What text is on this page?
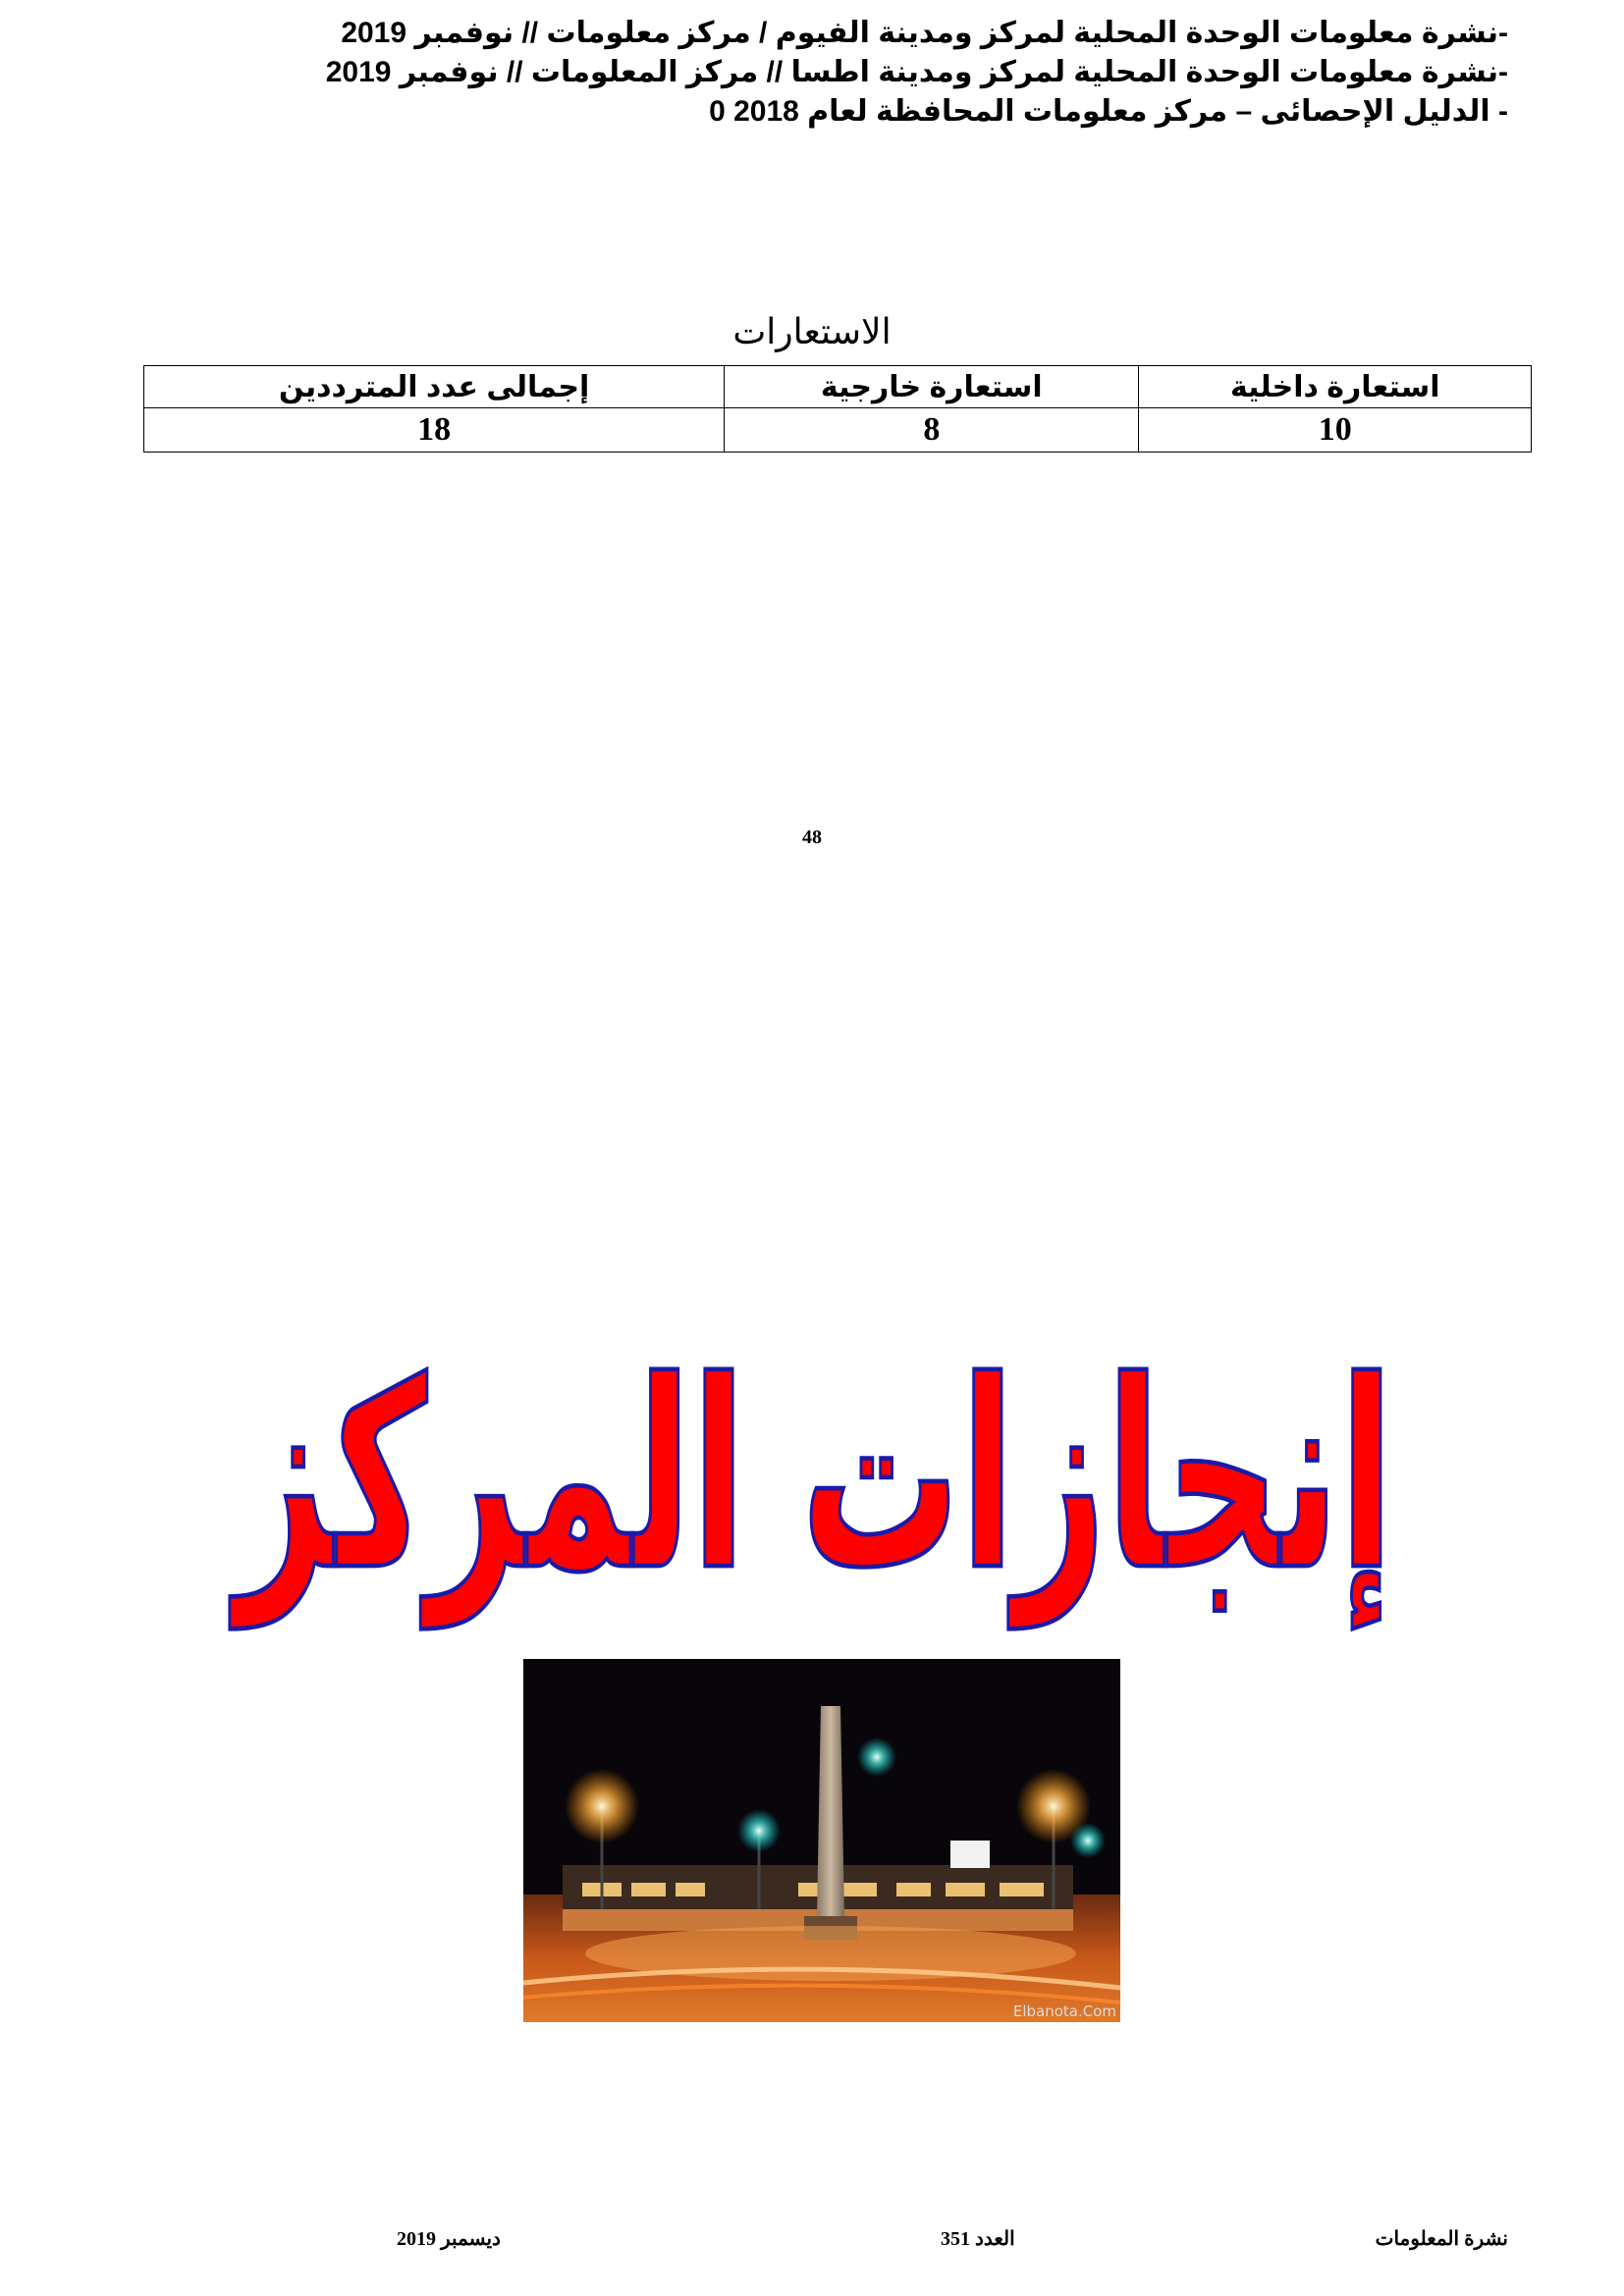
-نشرة معلومات الوحدة المحلية لمركز ومدينة الفيوم / مركز معلومات // نوفمبر 2019
-نشرة معلومات الوحدة المحلية لمركز ومدينة اطسا // مركز المعلومات // نوفمبر 2019
- الدليل الإحصائى – مركز معلومات المحافظة لعام 2018 0
الاستعارات
استعارة داخلية	استعارة خارجية	إجمالى عدد المترددين
10	8	18
48
إنجازات المركز
Elbanota.Com
نشرة المعلومات
العدد 351
ديسمبر 2019
